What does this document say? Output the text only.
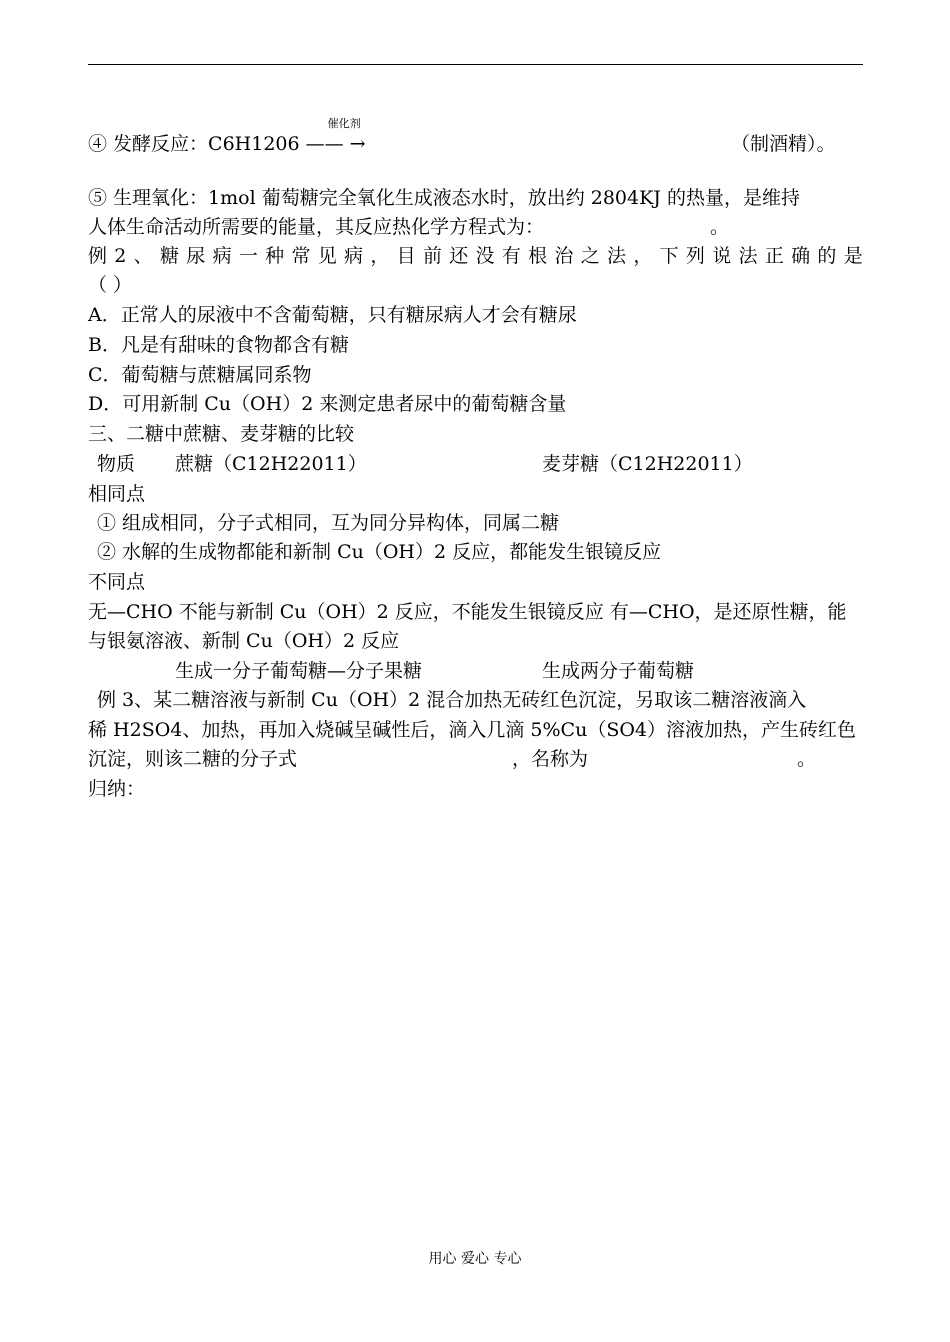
④ 发酵反应：C6H1206
催化剂
—— →	（制酒精）。
⑤ 生理氧化：1mol 葡萄糖完全氧化生成液态水时，放出约 2804KJ 的热量，是维持
人体生命活动所需要的能量，其反应热化学方程式为：	。
例 2 、 糖 尿 病 一 种 常 见 病 ， 目 前 还 没 有 根 治 之 法 ， 下 列 说 法 正 确 的 是
（ ）
A．正常人的尿液中不含葡萄糖，只有糖尿病人才会有糖尿
B．凡是有甜味的食物都含有糖
C．葡萄糖与蔗糖属同系物
D．可用新制 Cu（OH）2 来测定患者尿中的葡萄糖含量
三、二糖中蔗糖、麦芽糖的比较
物质 蔗糖（C12H22011）	麦芽糖（C12H22011）
相同点
① 组成相同，分子式相同，互为同分异构体，同属二糖
② 水解的生成物都能和新制 Cu（OH）2 反应，都能发生银镜反应
不同点
无—CHO 不能与新制 Cu（OH）2 反应，不能发生银镜反应 有—CHO，是还原性糖，能
与银氨溶液、新制 Cu（OH）2 反应
生成一分子葡萄糖—分子果糖	生成两分子葡萄糖
例 3、某二糖溶液与新制 Cu（OH）2 混合加热无砖红色沉淀，另取该二糖溶液滴入
稀 H2SO4、加热，再加入烧碱呈碱性后，滴入几滴 5%Cu（SO4）溶液加热，产生砖红色
沉淀，则该二糖的分子式	，名称为	。
归纳：
用心 爱心 专心
